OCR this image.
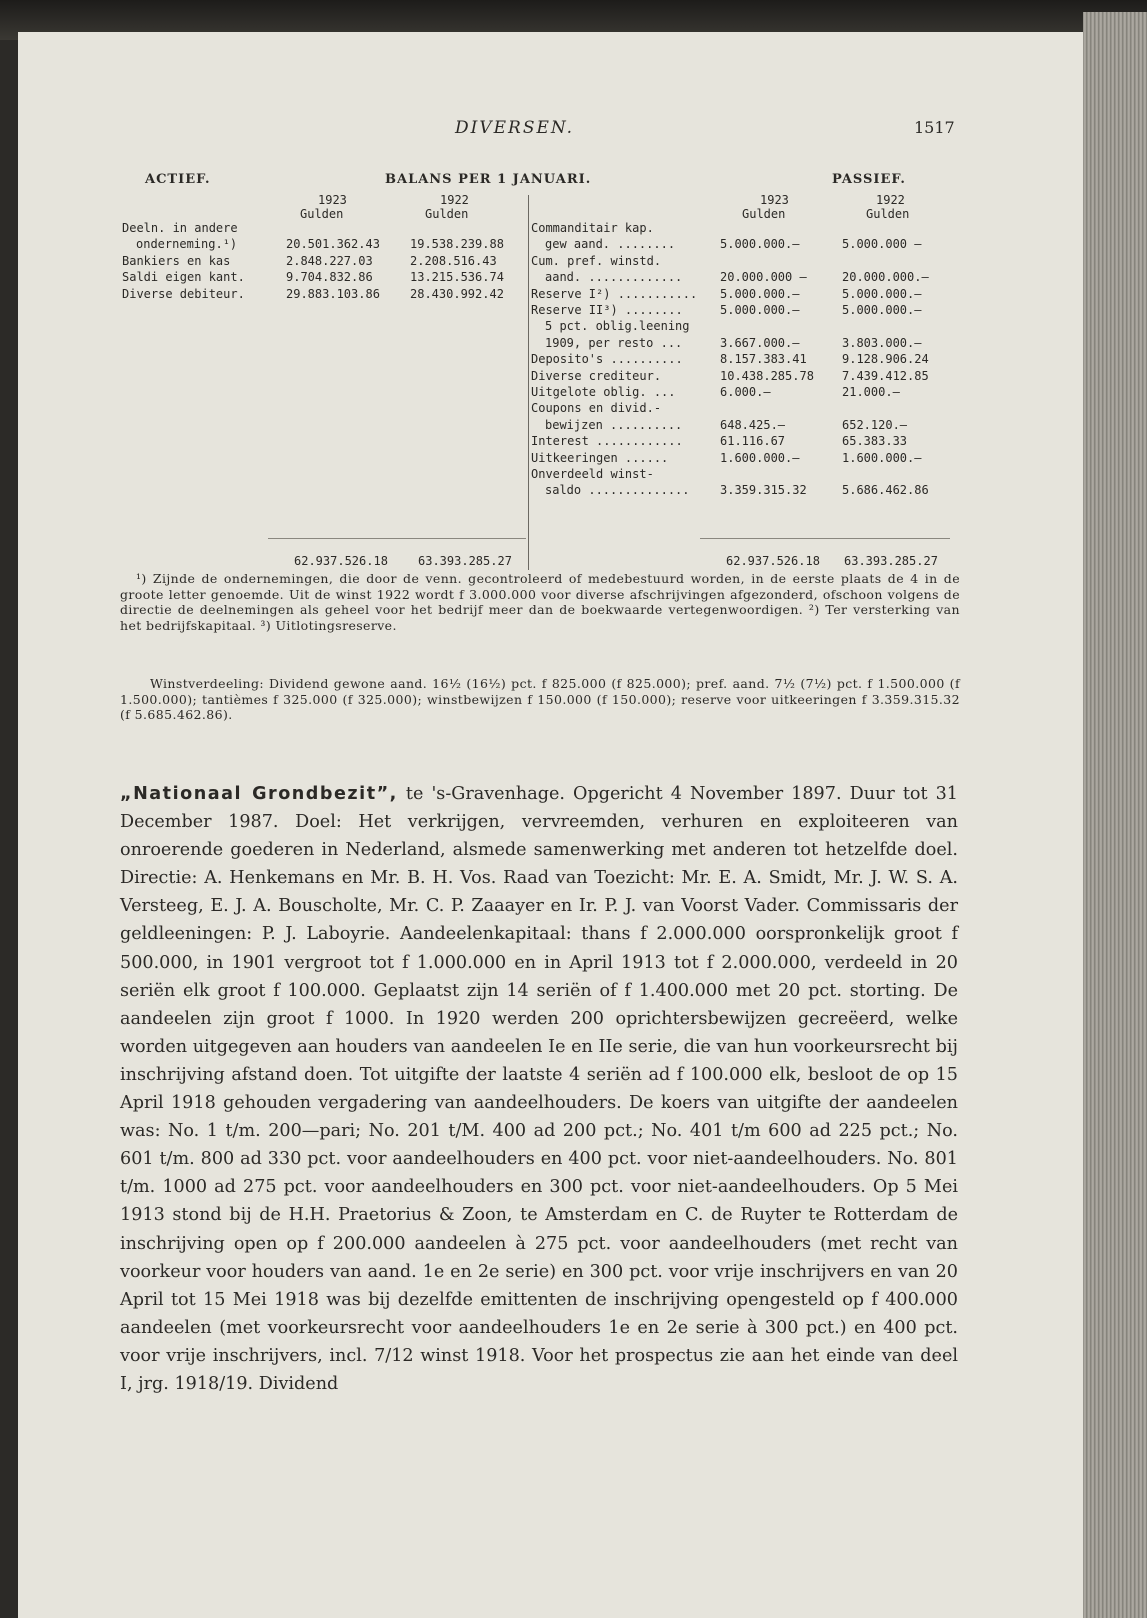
DIVERSEN.	1517
ACTIEF.	BALANS PER 1 JANUARI.	PASSIEF.
1923	1922
Gulden	Gulden
1923	1922
Gulden	Gulden
Deeln. in andere
onderneming.¹)	20.501.362.43	19.538.239.88
Bankiers en kas	2.848.227.03	2.208.516.43
Saldi eigen kant.	9.704.832.86	13.215.536.74
Diverse debiteur.	29.883.103.86	28.430.992.42
Commanditair kap.
gew aand. ........	5.000.000.—	5.000.000 —
Cum. pref. winstd.
aand. .............	20.000.000 —	20.000.000.—
Reserve I²) ........... 5.000.000.—	5.000.000.—
Reserve II³) ........	5.000.000.—	5.000.000.—
5 pct. oblig.leening
1909, per resto ...	3.667.000.—	3.803.000.—
Deposito's ..........	8.157.383.41	9.128.906.24
Diverse crediteur.	10.438.285.78 7.439.412.85
Uitgelote oblig. ...	6.000.—	21.000.—
Coupons en divid.-
bewijzen ..........	648.425.—	652.120.—
Interest ............	61.116.67	65.383.33
Uitkeeringen ......	1.600.000.—	1.600.000.—
Onverdeeld winst-
saldo ..............	3.359.315.32	5.686.462.86
62.937.526.18	63.393.285.27	62.937.526.18 63.393.285.27
¹) Zijnde de ondernemingen, die door de venn. gecontroleerd of medebestuurd worden, in de eerste plaats de 4 in de groote letter genoemde. Uit de winst 1922 wordt f 3.000.000 voor diverse afschrijvingen afgezonderd, ofschoon volgens de directie de deelnemingen als geheel voor het bedrijf meer dan de boekwaarde vertegenwoordigen. ²) Ter versterking van het bedrijfskapitaal. ³) Uitlotingsreserve.
Winstverdeeling: Dividend gewone aand. 16½ (16½) pct. f 825.000 (f 825.000); pref. aand. 7½ (7½) pct. f 1.500.000 (f 1.500.000); tantièmes f 325.000 (f 325.000); winstbewijzen f 150.000 (f 150.000); reserve voor uitkeeringen f 3.359.315.32 (f 5.685.462.86).
„Nationaal Grondbezit”, te 's-Gravenhage. Opgericht 4 November 1897. Duur tot 31 December 1987. Doel: Het verkrijgen, vervreemden, verhuren en exploiteeren van onroerende goederen in Nederland, alsmede samenwerking met anderen tot hetzelfde doel. Directie: A. Henkemans en Mr. B. H. Vos. Raad van Toezicht: Mr. E. A. Smidt, Mr. J. W. S. A. Versteeg, E. J. A. Bouscholte, Mr. C. P. Zaaayer en Ir. P. J. van Voorst Vader. Commissaris der geldleeningen: P. J. Laboyrie. Aandeelenkapitaal: thans f 2.000.000 oorspronkelijk groot f 500.000, in 1901 vergroot tot f 1.000.000 en in April 1913 tot f 2.000.000, verdeeld in 20 seriën elk groot f 100.000. Geplaatst zijn 14 seriën of f 1.400.000 met 20 pct. storting. De aandeelen zijn groot f 1000. In 1920 werden 200 oprichtersbewijzen gecreëerd, welke worden uitgegeven aan houders van aandeelen Ie en IIe serie, die van hun voorkeursrecht bij inschrijving afstand doen. Tot uitgifte der laatste 4 seriën ad f 100.000 elk, besloot de op 15 April 1918 gehouden vergadering van aandeelhouders. De koers van uitgifte der aandeelen was: No. 1 t/m. 200—pari; No. 201 t/M. 400 ad 200 pct.; No. 401 t/m 600 ad 225 pct.; No. 601 t/m. 800 ad 330 pct. voor aandeelhouders en 400 pct. voor niet-aandeelhouders. No. 801 t/m. 1000 ad 275 pct. voor aandeelhouders en 300 pct. voor niet-aandeelhouders. Op 5 Mei 1913 stond bij de H.H. Praetorius & Zoon, te Amsterdam en C. de Ruyter te Rotterdam de inschrijving open op f 200.000 aandeelen à 275 pct. voor aandeelhouders (met recht van voorkeur voor houders van aand. 1e en 2e serie) en 300 pct. voor vrije inschrijvers en van 20 April tot 15 Mei 1918 was bij dezelfde emittenten de inschrijving opengesteld op f 400.000 aandeelen (met voorkeursrecht voor aandeelhouders 1e en 2e serie à 300 pct.) en 400 pct. voor vrije inschrijvers, incl. 7/12 winst 1918. Voor het prospectus zie aan het einde van deel I, jrg. 1918/19. Dividend
